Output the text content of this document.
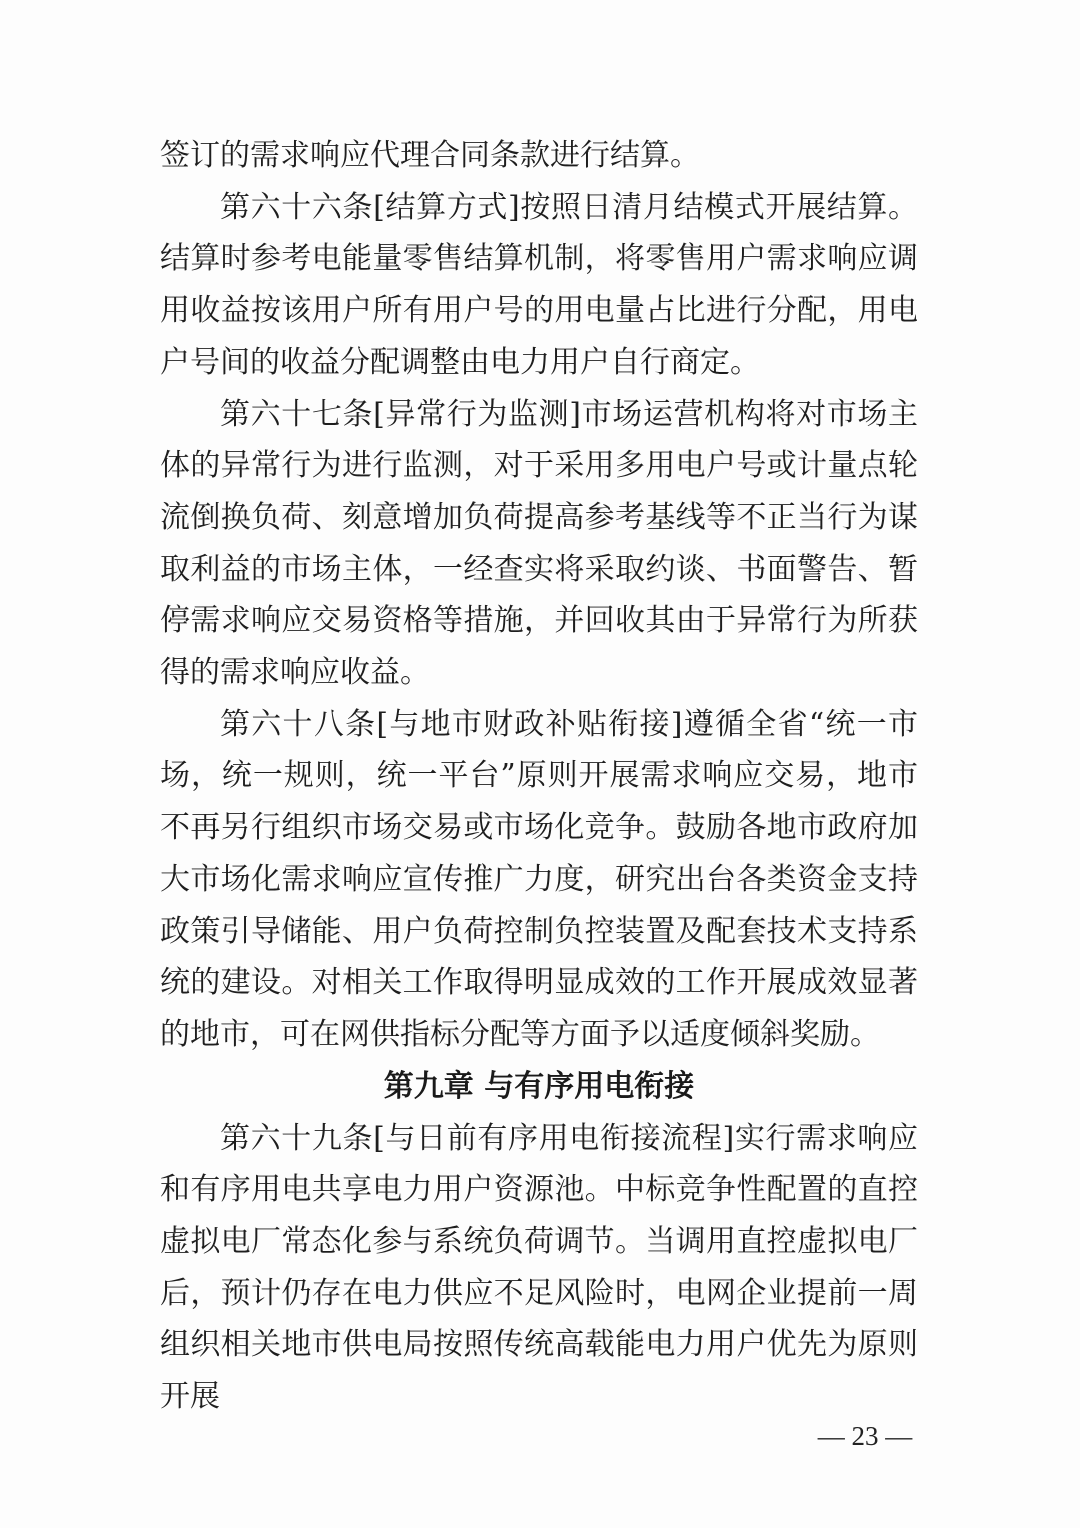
签订的需求响应代理合同条款进行结算。

第六十六条[结算方式]按照日清月结模式开展结算。结算时参考电能量零售结算机制，将零售用户需求响应调用收益按该用户所有用户号的用电量占比进行分配，用电户号间的收益分配调整由电力用户自行商定。

第六十七条[异常行为监测]市场运营机构将对市场主体的异常行为进行监测，对于采用多用电户号或计量点轮流倒换负荷、刻意增加负荷提高参考基线等不正当行为谋取利益的市场主体，一经查实将采取约谈、书面警告、暂停需求响应交易资格等措施，并回收其由于异常行为所获得的需求响应收益。

第六十八条[与地市财政补贴衔接]遵循全省“统一市场，统一规则，统一平台”原则开展需求响应交易，地市不再另行组织市场交易或市场化竞争。鼓励各地市政府加大市场化需求响应宣传推广力度，研究出台各类资金支持政策引导储能、用户负荷控制负控装置及配套技术支持系统的建设。对相关工作取得明显成效的工作开展成效显著的地市，可在网供指标分配等方面予以适度倾斜奖励。

第九章 与有序用电衔接

第六十九条[与日前有序用电衔接流程]实行需求响应和有序用电共享电力用户资源池。中标竞争性配置的直控虚拟电厂常态化参与系统负荷调节。当调用直控虚拟电厂后，预计仍存在电力供应不足风险时，电网企业提前一周组织相关地市供电局按照传统高载能电力用户优先为原则开展

— 23 —
